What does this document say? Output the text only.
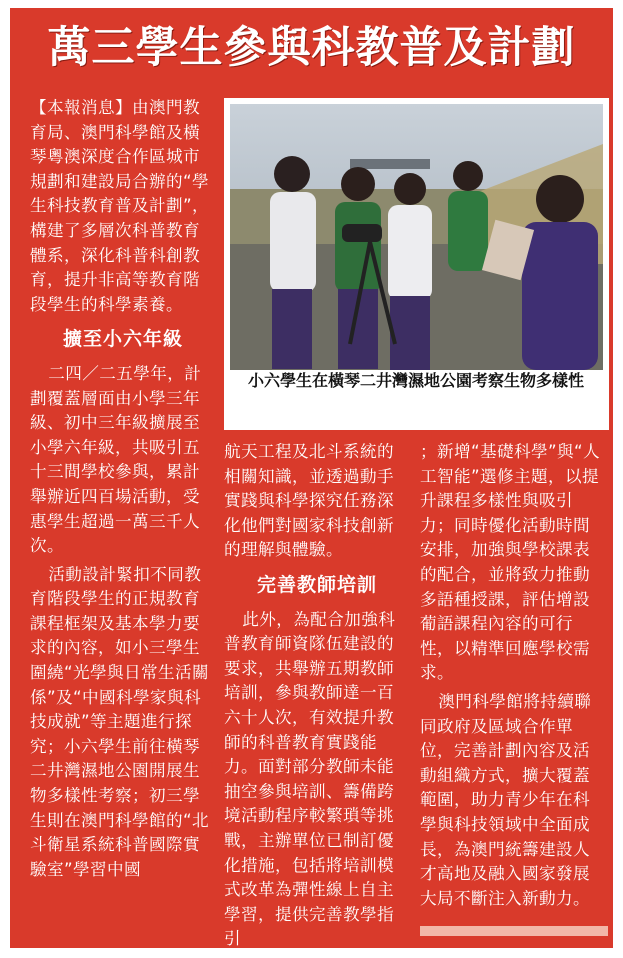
萬三學生參與科教普及計劃

【本報消息】由澳門教育局、澳門科學館及橫琴粵澳深度合作區城市規劃和建設局合辦的“學生科技教育普及計劃”，構建了多層次科普教育體系，深化科普科創教育，提升非高等教育階段學生的科學素養。

擴至小六年級

二四／二五學年，計劃覆蓋層面由小學三年級、初中三年級擴展至小學六年級，共吸引五十三間學校參與，累計舉辦近四百場活動，受惠學生超過一萬三千人次。

活動設計緊扣不同教育階段學生的正規教育課程框架及基本學力要求的內容，如小三學生圍繞“光學與日常生活關係”及“中國科學家與科技成就”等主題進行探究；小六學生前往橫琴二井灣濕地公園開展生物多樣性考察；初三學生則在澳門科學館的“北斗衛星系統科普國際實驗室”學習中國

小六學生在橫琴二井灣濕地公園考察生物多樣性

航天工程及北斗系統的相關知識，並透過動手實踐與科學探究任務深化他們對國家科技創新的理解與體驗。

完善教師培訓

此外，為配合加強科普教育師資隊伍建設的要求，共舉辦五期教師培訓，參與教師達一百六十人次，有效提升教師的科普教育實踐能力。面對部分教師未能抽空參與培訓、籌備跨境活動程序較繁瑣等挑戰，主辦單位已制訂優化措施，包括將培訓模式改革為彈性線上自主學習，提供完善教學指引

；新增“基礎科學”與“人工智能”選修主題，以提升課程多樣性與吸引力；同時優化活動時間安排，加強與學校課表的配合，並將致力推動多語種授課，評估增設葡語課程內容的可行性，以精準回應學校需求。

澳門科學館將持續聯同政府及區域合作單位，完善計劃內容及活動組織方式，擴大覆蓋範圍，助力青少年在科學與科技領域中全面成長，為澳門統籌建設人才高地及融入國家發展大局不斷注入新動力。
